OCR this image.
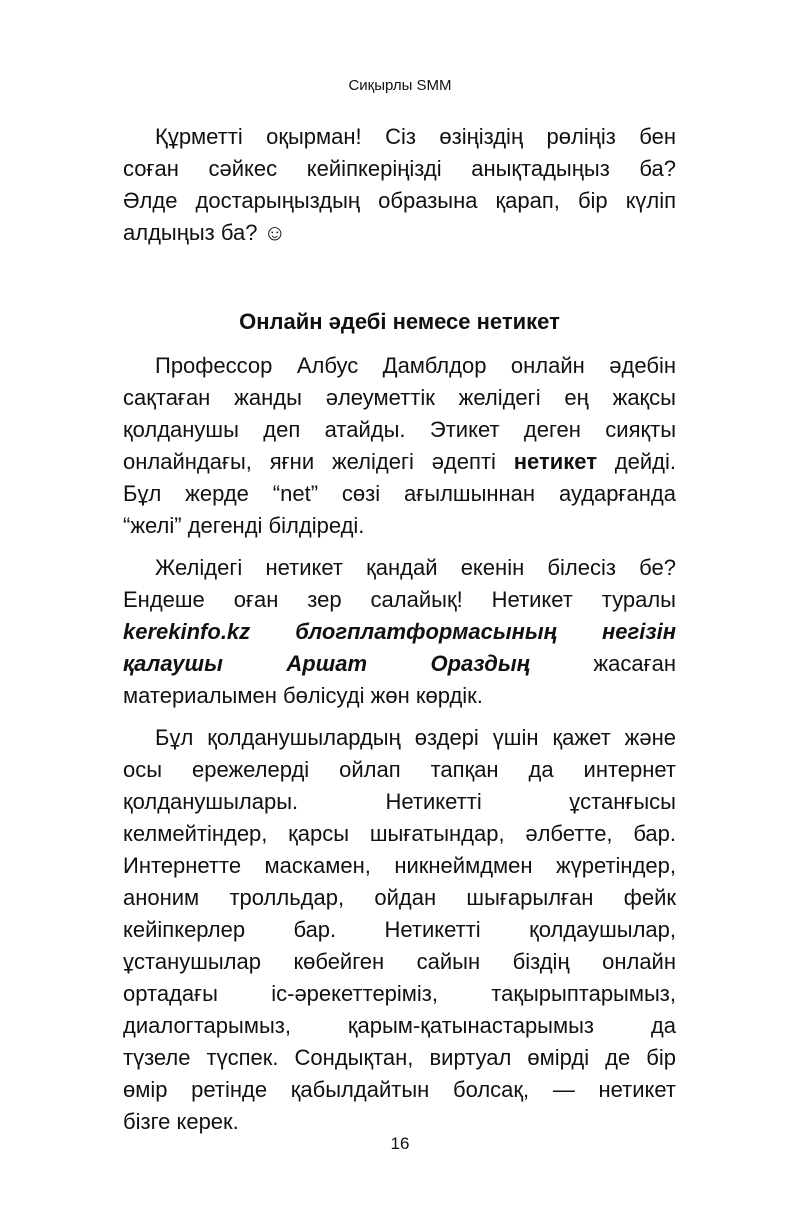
Сиқырлы SMM

Құрметті оқырман! Сіз өзіңіздің рөліңіз бен

соған сәйкес кейіпкеріңізді анықтадыңыз ба?

Әлде достарыңыздың образына қарап, бір күліп

алдыңыз ба? ☺

Онлайн әдебі немесе нетикет

Профессор Албус Дамблдор онлайн әдебін

сақтаған жанды әлеуметтік желідегі ең жақсы

қолданушы деп атайды. Этикет деген сияқты

онлайндағы, яғни желідегі әдепті нетикет дейді.

Бұл жерде “net” сөзі ағылшыннан аударғанда

“желі” дегенді білдіреді.

Желідегі нетикет қандай екенін білесіз бе?

Ендеше оған зер салайық! Нетикет туралы

kerekinfo.kz блогплатформасының негізін

қалаушы Аршат Ораздың жасаған

материалымен бөлісуді жөн көрдік.

Бұл қолданушылардың өздері үшін қажет және

осы ережелерді ойлап тапқан да интернет

қолданушылары. Нетикетті ұстанғысы

келмейтіндер, қарсы шығатындар, әлбетте, бар.

Интернетте маскамен, никнеймдмен жүретіндер,

аноним тролльдар, ойдан шығарылған фейк

кейіпкерлер бар. Нетикетті қолдаушылар,

ұстанушылар көбейген сайын біздің онлайн

ортадағы іс-әрекеттеріміз, тақырыптарымыз,

диалогтарымыз, қарым-қатынастарымыз да

түзеле түспек. Сондықтан, виртуал өмірді де бір

өмір ретінде қабылдайтын болсақ, — нетикет

бізге керек.

16
